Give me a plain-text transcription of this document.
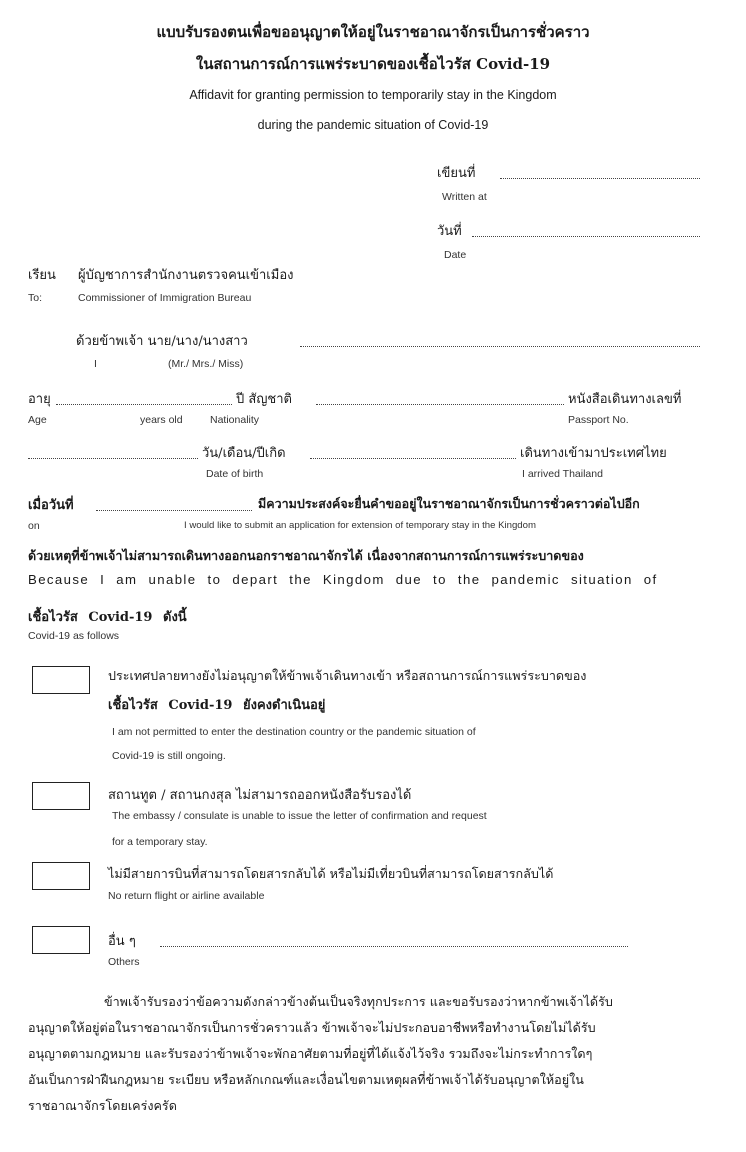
แบบรับรองตนเพื่อขออนุญาตให้อยู่ในราชอาณาจักรเป็นการชั่วคราว
ในสถานการณ์การแพร่ระบาดของเชื้อไวรัส Covid-19
Affidavit for granting permission to temporarily stay in the Kingdom
during the pandemic situation of Covid-19
เขียนที่
Written at
วันที่
Date
เรียน ผู้บัญชาการสำนักงานตรวจคนเข้าเมือง
To:	Commissioner of Immigration Bureau
ด้วยข้าพเจ้า นาย/นาง/นางสาว
I	(Mr./ Mrs./ Miss)
อายุ	ปี สัญชาติ	หนังสือเดินทางเลขที่
Age	years old	Nationality	Passport No.
วัน/เดือน/ปีเกิด	เดินทางเข้ามาประเทศไทย
Date of birth	I arrived Thailand
เมื่อวันที่	มีความประสงค์จะยื่นคำขออยู่ในราชอาณาจักรเป็นการชั่วคราวต่อไปอีก
on	I would like to submit an application for extension of temporary stay in the Kingdom
ด้วยเหตุที่ข้าพเจ้าไม่สามารถเดินทางออกนอกราชอาณาจักรได้ เนื่องจากสถานการณ์การแพร่ระบาดของ
Because I am unable to depart the Kingdom due to the pandemic situation of
เชื้อไวรัส Covid-19 ดังนี้
Covid-19 as follows
ประเทศปลายทางยังไม่อนุญาตให้ข้าพเจ้าเดินทางเข้า หรือสถานการณ์การแพร่ระบาดของ
เชื้อไวรัส Covid-19 ยังคงดำเนินอยู่
I am not permitted to enter the destination country or the pandemic situation of
Covid-19 is still ongoing.
สถานทูต / สถานกงสุล ไม่สามารถออกหนังสือรับรองได้
The embassy / consulate is unable to issue the letter of confirmation and request
for a temporary stay.
ไม่มีสายการบินที่สามารถโดยสารกลับได้ หรือไม่มีเที่ยวบินที่สามารถโดยสารกลับได้
No return flight or airline available
อื่น ๆ
Others
ข้าพเจ้ารับรองว่าข้อความดังกล่าวข้างต้นเป็นจริงทุกประการ และขอรับรองว่าหากข้าพเจ้าได้รับ
อนุญาตให้อยู่ต่อในราชอาณาจักรเป็นการชั่วคราวแล้ว ข้าพเจ้าจะไม่ประกอบอาชีพหรือทำงานโดยไม่ได้รับ
อนุญาตตามกฎหมาย และรับรองว่าข้าพเจ้าจะพักอาศัยตามที่อยู่ที่ได้แจ้งไว้จริง รวมถึงจะไม่กระทำการใดๆ
อันเป็นการฝ่าฝืนกฎหมาย ระเบียบ หรือหลักเกณฑ์และเงื่อนไขตามเหตุผลที่ข้าพเจ้าได้รับอนุญาตให้อยู่ใน
ราชอาณาจักรโดยเคร่งครัด
